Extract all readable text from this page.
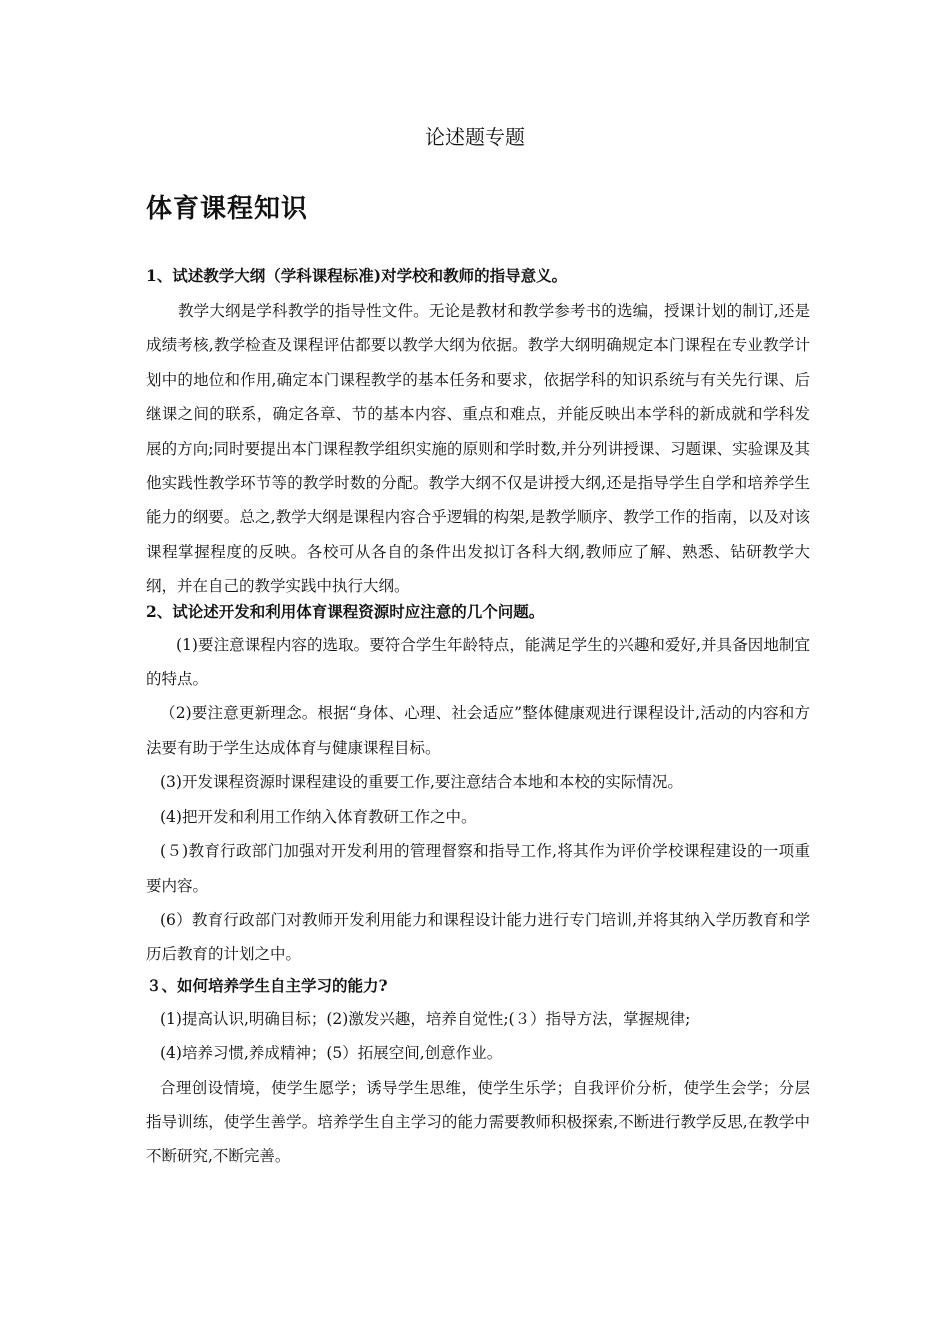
论述题专题
体育课程知识

1、试述教学大纲（学科课程标准)对学校和教师的指导意义。

教学大纲是学科教学的指导性文件。无论是教材和教学参考书的选编，授课计划的制订,还是成绩考核,教学检查及课程评估都要以教学大纲为依据。教学大纲明确规定本门课程在专业教学计划中的地位和作用,确定本门课程教学的基本任务和要求，依据学科的知识系统与有关先行课、后继课之间的联系，确定各章、节的基本内容、重点和难点，并能反映出本学科的新成就和学科发展的方向;同时要提出本门课程教学组织实施的原则和学时数,并分列讲授课、习题课、实验课及其他实践性教学环节等的教学时数的分配。教学大纲不仅是讲授大纲,还是指导学生自学和培养学生能力的纲要。总之,教学大纲是课程内容合乎逻辑的构架,是教学顺序、教学工作的指南，以及对该课程掌握程度的反映。各校可从各自的条件出发拟订各科大纲,教师应了解、熟悉、钻研教学大纲，并在自己的教学实践中执行大纲。

2、试论述开发和利用体育课程资源时应注意的几个问题。

(1)要注意课程内容的选取。要符合学生年龄特点，能满足学生的兴趣和爱好,并具备因地制宜的特点。

（2)要注意更新理念。根据“身体、心理、社会适应”整体健康观进行课程设计,活动的内容和方法要有助于学生达成体育与健康课程目标。

(3)开发课程资源时课程建设的重要工作,要注意结合本地和本校的实际情况。

(4)把开发和利用工作纳入体育教研工作之中。

(５)教育行政部门加强对开发利用的管理督察和指导工作,将其作为评价学校课程建设的一项重要内容。

(6）教育行政部门对教师开发利用能力和课程设计能力进行专门培训,并将其纳入学历教育和学历后教育的计划之中。

３、如何培养学生自主学习的能力?

(1)提高认识,明确目标；(2)激发兴趣，培养自觉性;(３）指导方法，掌握规律;

(4)培养习惯,养成精神；(5）拓展空间,创意作业。

合理创设情境，使学生愿学；诱导学生思维，使学生乐学；自我评价分析，使学生会学；分层指导训练，使学生善学。培养学生自主学习的能力需要教师积极探索,不断进行教学反思,在教学中不断研究,不断完善。
